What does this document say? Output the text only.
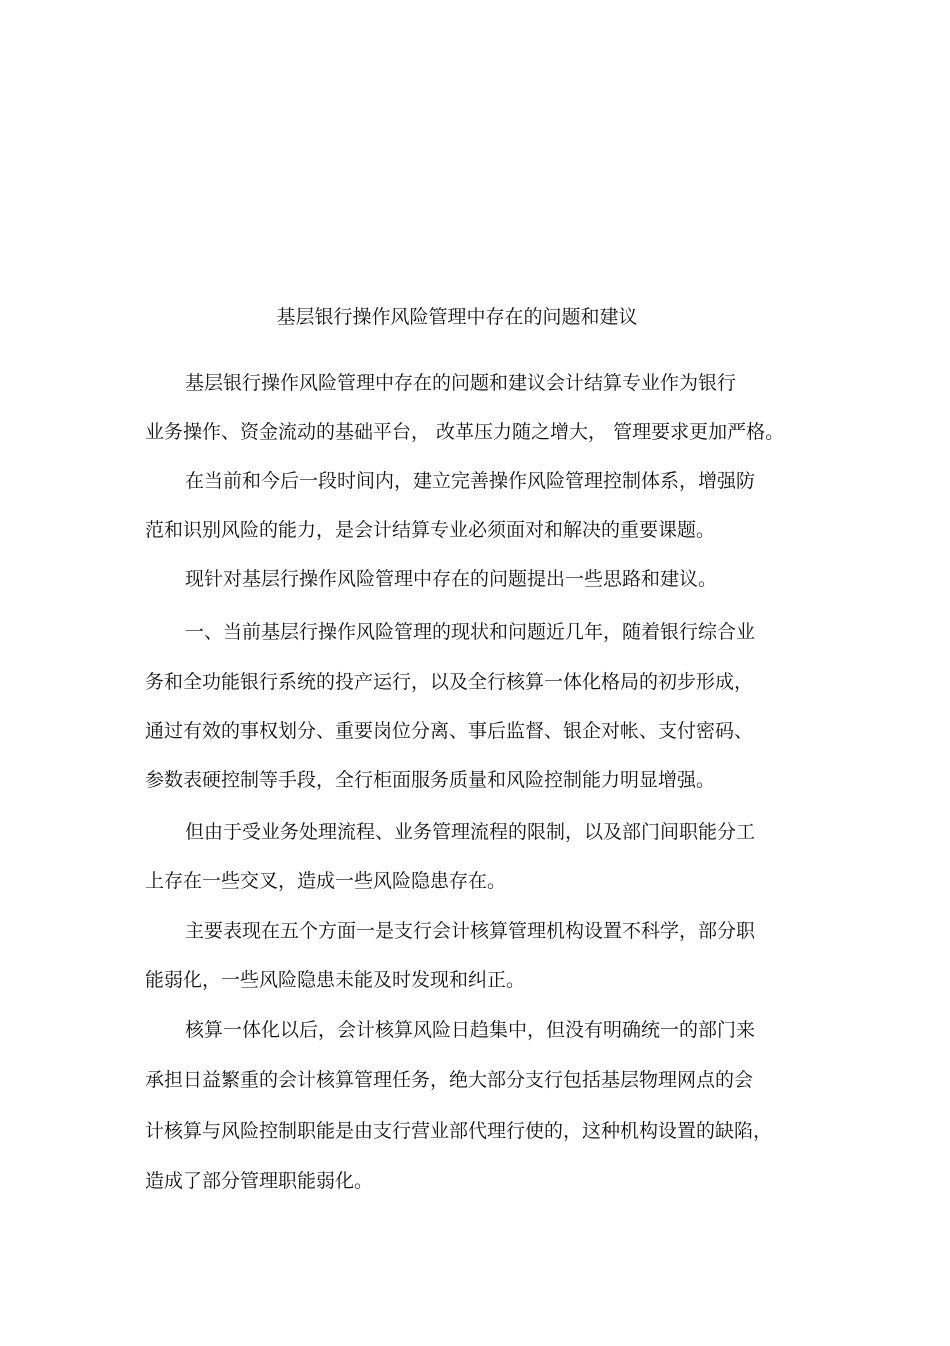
基层银行操作风险管理中存在的问题和建议
基层银行操作风险管理中存在的问题和建议会计结算专业作为银行
业务操作、资金流动的基础平台， 改革压力随之增大， 管理要求更加严格。
在当前和今后一段时间内，建立完善操作风险管理控制体系，增强防
范和识别风险的能力，是会计结算专业必须面对和解决的重要课题。
现针对基层行操作风险管理中存在的问题提出一些思路和建议。
一、当前基层行操作风险管理的现状和问题近几年，随着银行综合业
务和全功能银行系统的投产运行，以及全行核算一体化格局的初步形成，
通过有效的事权划分、重要岗位分离、事后监督、银企对帐、支付密码、
参数表硬控制等手段，全行柜面服务质量和风险控制能力明显增强。
但由于受业务处理流程、业务管理流程的限制，以及部门间职能分工
上存在一些交叉，造成一些风险隐患存在。
主要表现在五个方面一是支行会计核算管理机构设置不科学，部分职
能弱化，一些风险隐患未能及时发现和纠正。
核算一体化以后，会计核算风险日趋集中，但没有明确统一的部门来
承担日益繁重的会计核算管理任务，绝大部分支行包括基层物理网点的会
计核算与风险控制职能是由支行营业部代理行使的，这种机构设置的缺陷，
造成了部分管理职能弱化。
